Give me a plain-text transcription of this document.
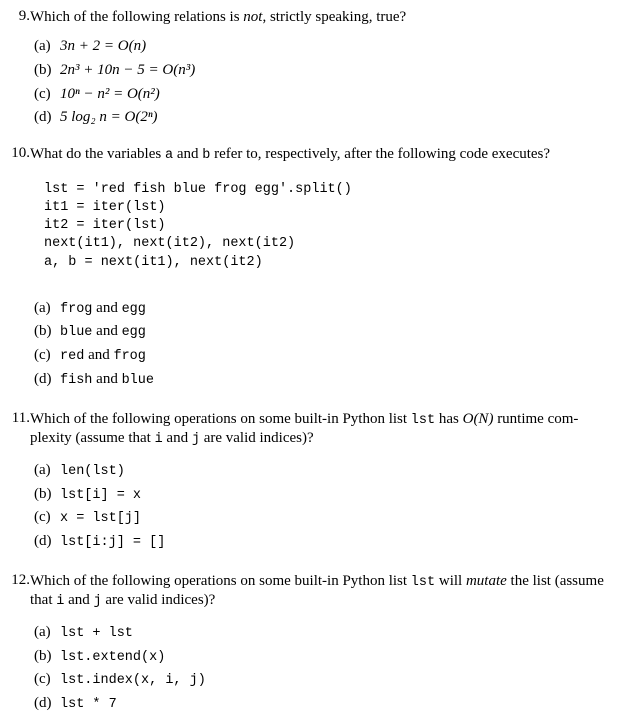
9. Which of the following relations is not, strictly speaking, true?
(a) 3n + 2 = O(n)
(b) 2n³ + 10n − 5 = O(n³)
(c) 10ⁿ − n² = O(n²)
(d) 5 log₂ n = O(2ⁿ)
10. What do the variables a and b refer to, respectively, after the following code executes?
lst = 'red fish blue frog egg'.split()
it1 = iter(lst)
it2 = iter(lst)
next(it1), next(it2), next(it2)
a, b = next(it1), next(it2)
(a) frog and egg
(b) blue and egg
(c) red and frog
(d) fish and blue
11. Which of the following operations on some built-in Python list lst has O(N) runtime com-
plexity (assume that i and j are valid indices)?
(a) len(lst)
(b) lst[i] = x
(c) x = lst[j]
(d) lst[i:j] = []
12. Which of the following operations on some built-in Python list lst will mutate the list (assume
that i and j are valid indices)?
(a) lst + lst
(b) lst.extend(x)
(c) lst.index(x, i, j)
(d) lst * 7
